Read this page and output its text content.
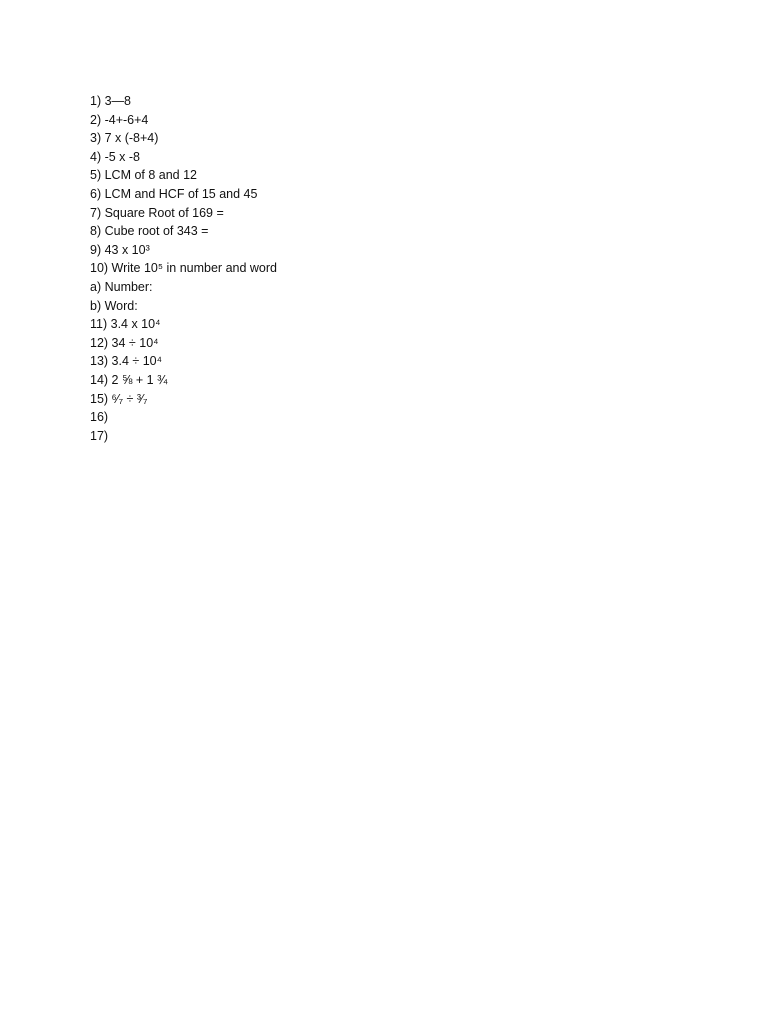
1) 3—8
2) -4+-6+4
3) 7 x (-8+4)
4) -5 x -8
5) LCM of 8 and 12
6) LCM and HCF of 15 and 45
7) Square Root of 169 =
8) Cube root of 343 =
9) 43 x 10³
10) Write 10⁵ in number and word
a) Number:
b) Word:
11) 3.4 x 10⁴
12) 34 ÷ 10⁴
13) 3.4 ÷ 10⁴
14) 2 ⅝ + 1 ¾
15) ⁶⁄₇ ÷ ³⁄₇
16)
17)
